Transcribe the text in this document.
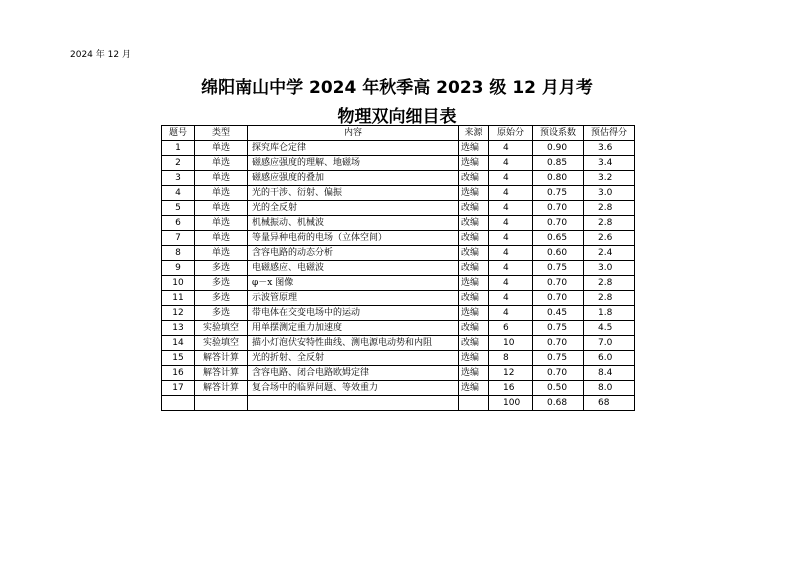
2024 年 12 月
绵阳南山中学 2024 年秋季高 2023 级 12 月月考
物理双向细目表
题号	类型	内容	来源	原始分	预设系数	预估得分
1	单选	探究库仑定律	选编	4	0.90	3.6
2	单选	磁感应强度的理解、地磁场	选编	4	0.85	3.4
3	单选	磁感应强度的叠加	改编	4	0.80	3.2
4	单选	光的干涉、衍射、偏振	选编	4	0.75	3.0
5	单选	光的全反射	改编	4	0.70	2.8
6	单选	机械振动、机械波	改编	4	0.70	2.8
7	单选	等量异种电荷的电场（立体空间）	改编	4	0.65	2.6
8	单选	含容电路的动态分析	改编	4	0.60	2.4
9	多选	电磁感应、电磁波	改编	4	0.75	3.0
10	多选	φ－x 图像	选编	4	0.70	2.8
11	多选	示波管原理	改编	4	0.70	2.8
12	多选	带电体在交变电场中的运动	选编	4	0.45	1.8
13	实验填空	用单摆测定重力加速度	改编	6	0.75	4.5
14	实验填空	描小灯泡伏安特性曲线、测电源电动势和内阻	改编	10	0.70	7.0
15	解答计算	光的折射、全反射	选编	8	0.75	6.0
16	解答计算	含容电路、闭合电路欧姆定律	选编	12	0.70	8.4
17	解答计算	复合场中的临界问题、等效重力	选编	16	0.50	8.0
				100	0.68	68
